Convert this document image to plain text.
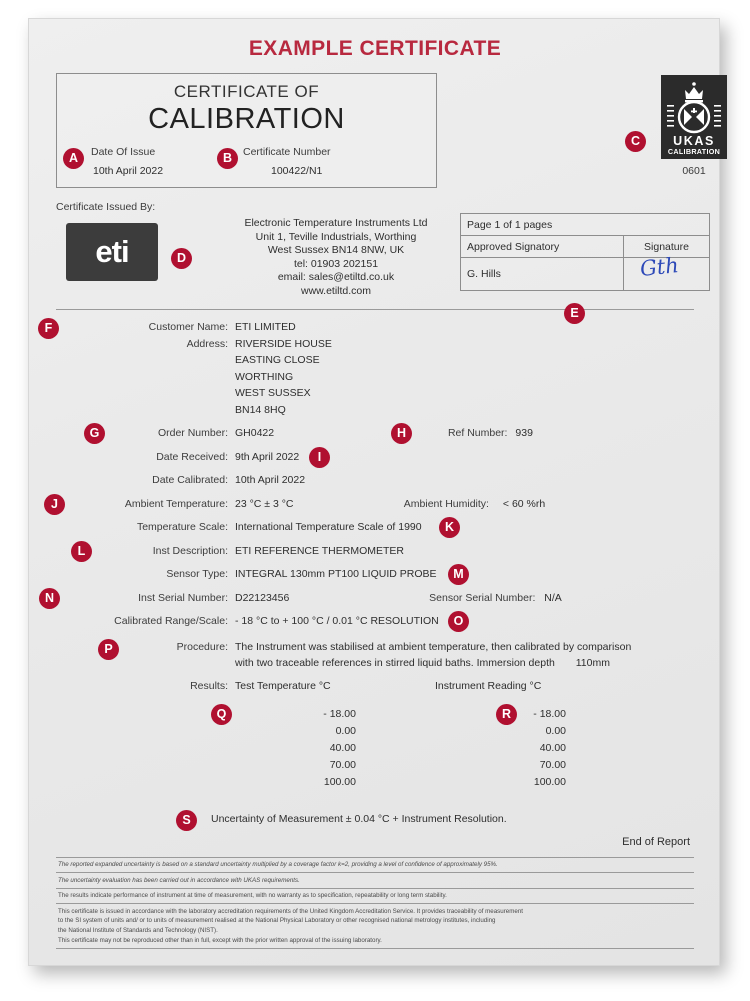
EXAMPLE CERTIFICATE
CERTIFICATE OF
CALIBRATION
A	Date Of Issue
10th April 2022
B	Certificate Number
100422/N1
C	UKAS
CALIBRATION
0601
Certificate Issued By:
eti	D
Electronic Temperature Instruments Ltd
Unit 1, Teville Industrials, Worthing
West Sussex BN14 8NW, UK
tel: 01903 202151
email: sales@etiltd.co.uk
www.etiltd.com
Page 1 of 1 pages	
Approved Signatory	Signature
G. Hills	Gth
E
F	Customer Name: ETI LIMITED
Address: RIVERSIDE HOUSE
EASTING CLOSE
WORTHING
WEST SUSSEX
BN14 8HQ
G	H
Order Number: GH0422	Ref Number: 939
I
Date Received: 9th April 2022
Date Calibrated: 10th April 2022
J	Ambient Temperature: 23 °C ± 3 °C	Ambient Humidity: < 60 %rh
K
Temperature Scale: International Temperature Scale of 1990
L	Inst Description: ETI REFERENCE THERMOMETER
M
Sensor Type: INTEGRAL 130mm PT100 LIQUID PROBE
N	Inst Serial Number: D22123456	Sensor Serial Number: N/A
O
Calibrated Range/Scale: - 18 °C to + 100 °C / 0.01 °C RESOLUTION
P	Procedure: The Instrument was stabilised at ambient temperature, then calibrated by comparison
with two traceable references in stirred liquid baths. Immersion depth 110mm
Results: Test Temperature °C	Instrument Reading °C
Q	R
- 18.00	- 18.00
0.00	0.00
40.00	40.00
70.00	70.00
100.00	100.00
S	Uncertainty of Measurement ± 0.04 °C + Instrument Resolution.
End of Report
The reported expanded uncertainty is based on a standard uncertainty multiplied by a coverage factor k=2, providing a level of confidence of approximately 95%.
The uncertainty evaluation has been carried out in accordance with UKAS requirements.
The results indicate performance of instrument at time of measurement, with no warranty as to specification, repeatability or long term stability.
This certificate is issued in accordance with the laboratory accreditation requirements of the United Kingdom Accreditation Service. It provides traceability of measurement
to the SI system of units and/ or to units of measurement realised at the National Physical Laboratory or other recognised national metrology institutes, including
the National Institute of Standards and Technology (NIST).
This certificate may not be reproduced other than in full, except with the prior written approval of the issuing laboratory.
